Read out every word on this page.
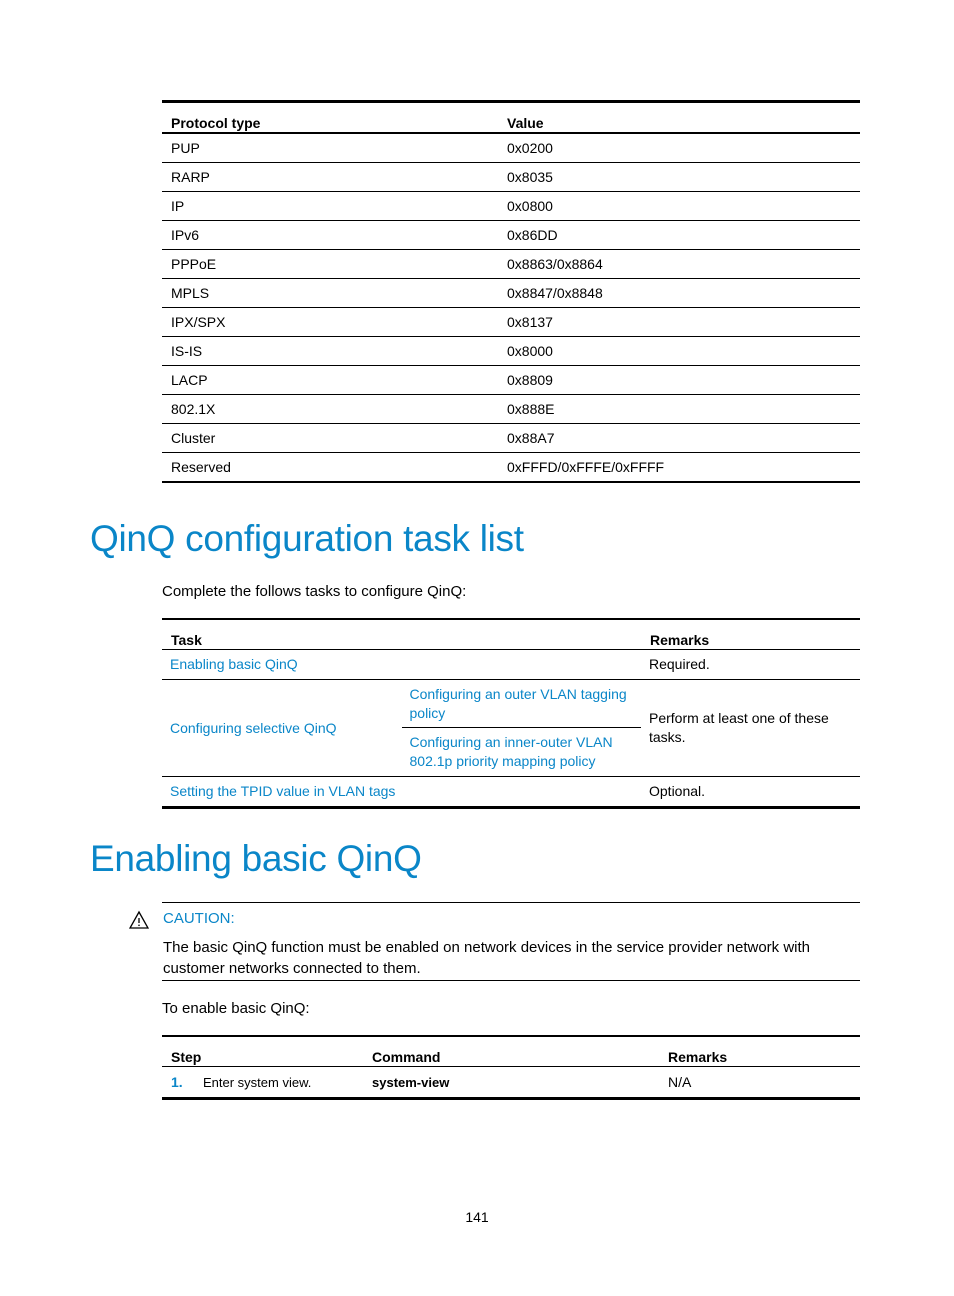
Protocol type	Value
PUP	0x0200
RARP	0x8035
IP	0x0800
IPv6	0x86DD
PPPoE	0x8863/0x8864
MPLS	0x8847/0x8848
IPX/SPX	0x8137
IS-IS	0x8000
LACP	0x8809
802.1X	0x888E
Cluster	0x88A7
Reserved	0xFFFD/0xFFFE/0xFFFF
QinQ configuration task list
Complete the follows tasks to configure QinQ:
Task		Remarks
Enabling basic QinQ		Required.
Configuring selective QinQ	Configuring an outer VLAN tagging policy	Perform at least one of these tasks.
	Configuring an inner-outer VLAN 802.1p priority mapping policy	
Setting the TPID value in VLAN tags		Optional.
Enabling basic QinQ
CAUTION:
The basic QinQ function must be enabled on network devices in the service provider network with customer networks connected to them.
To enable basic QinQ:
Step	Command	Remarks
1. Enter system view.	system-view	N/A
141
